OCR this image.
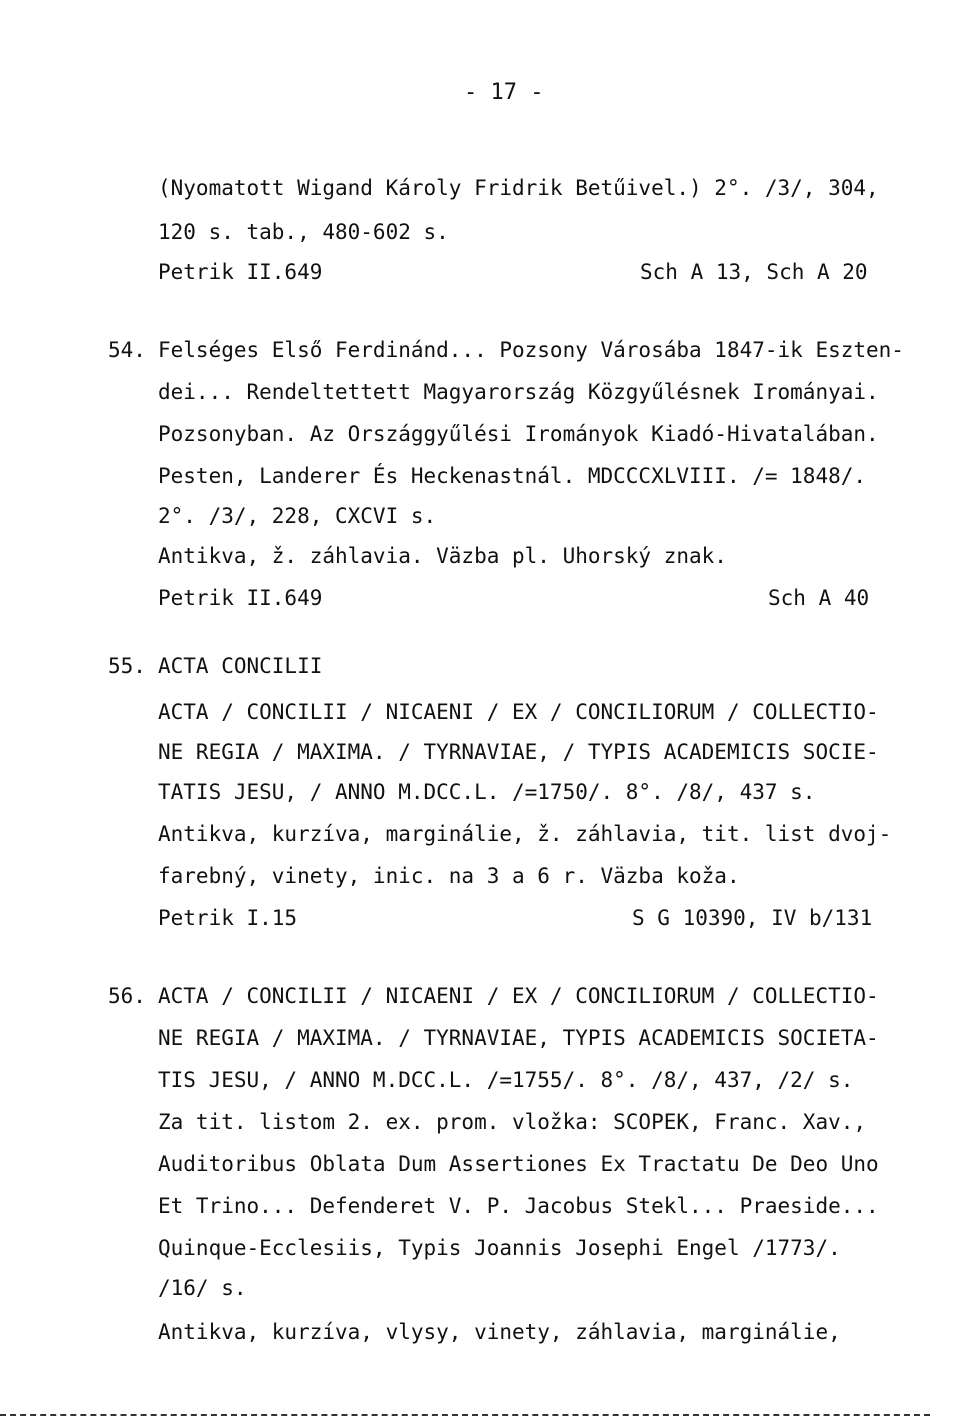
- 17 -
(Nyomatott Wigand Károly Fridrik Betűivel.) 2°. /3/, 304,
120 s. tab., 480-602 s.
Petrik II.649	Sch A 13, Sch A 20
54. Felséges Első Ferdinánd... Pozsony Városába 1847-ik Eszten-
dei... Rendeltettett Magyarország Közgyűlésnek Irományai.
Pozsonyban. Az Országgyűlési Irományok Kiadó-Hivatalában.
Pesten, Landerer És Heckenastnál. MDCCCXLVIII. /= 1848/.
2°. /3/, 228, CXCVI s.
Antikva, ž. záhlavia. Väzba pl. Uhorský znak.
Petrik II.649	Sch A 40
55. ACTA CONCILII
ACTA / CONCILII / NICAENI / EX / CONCILIORUM / COLLECTIO-
NE REGIA / MAXIMA. / TYRNAVIAE, / TYPIS ACADEMICIS SOCIE-
TATIS JESU, / ANNO M.DCC.L. /=1750/. 8°. /8/, 437 s.
Antikva, kurzíva, marginálie, ž. záhlavia, tit. list dvoj-
farebný, vinety, inic. na 3 a 6 r. Väzba koža.
Petrik I.15	S G 10390, IV b/131
56. ACTA / CONCILII / NICAENI / EX / CONCILIORUM / COLLECTIO-
NE REGIA / MAXIMA. / TYRNAVIAE, TYPIS ACADEMICIS SOCIETA-
TIS JESU, / ANNO M.DCC.L. /=1755/. 8°. /8/, 437, /2/ s.
Za tit. listom 2. ex. prom. vložka: SCOPEK, Franc. Xav.,
Auditoribus Oblata Dum Assertiones Ex Tractatu De Deo Uno
Et Trino... Defenderet V. P. Jacobus Stekl... Praeside...
Quinque-Ecclesiis, Typis Joannis Josephi Engel /1773/.
/16/ s.
Antikva, kurzíva, vlysy, vinety, záhlavia, marginálie,
